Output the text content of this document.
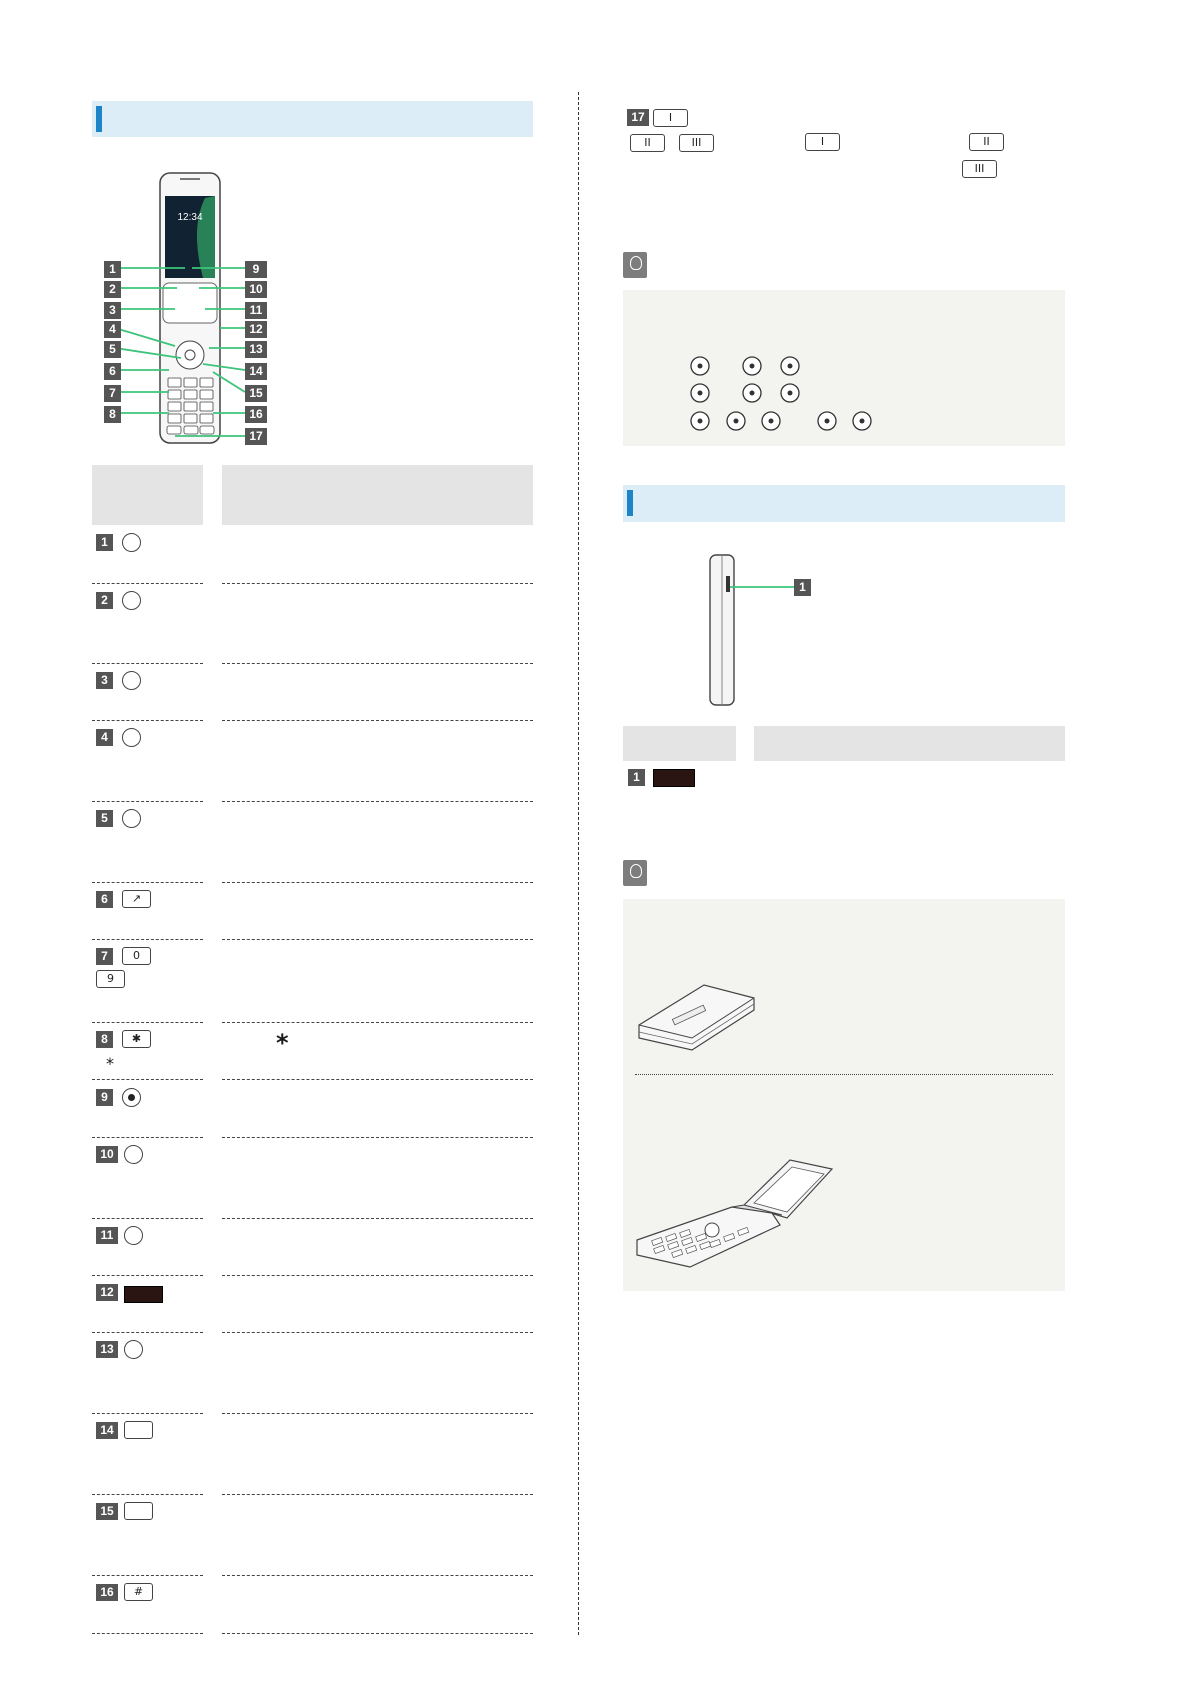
12:34
1
2
3
4
5
6
7
8
9
10
11
12
13
14
15
16
17
1
2
3
4
5
6	↗
7	0
9
8	✱	*
*
9
10
11
12
13
14
15
16	#
17	I
II	III	I	II
III
1
1
